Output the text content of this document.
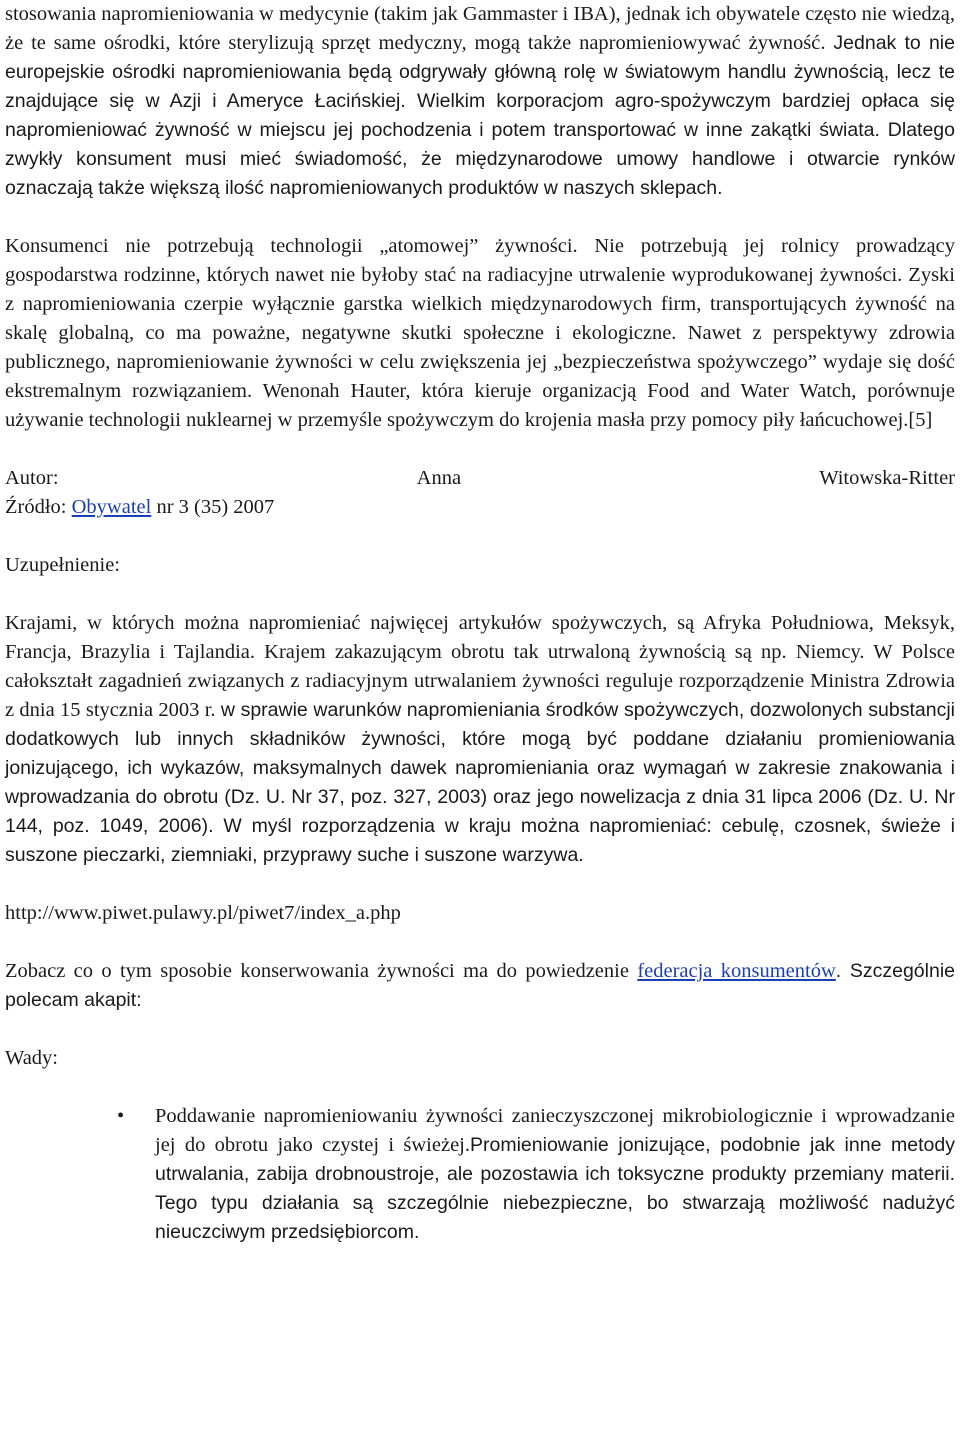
stosowania napromieniowania w medycynie (takim jak Gammaster i IBA), jednak ich obywatele często nie wiedzą, że te same ośrodki, które sterylizują sprzęt medyczny, mogą także napromieniowywać żywność. Jednak to nie europejskie ośrodki napromieniowania będą odgrywały główną rolę w światowym handlu żywnością, lecz te znajdujące się w Azji i Ameryce Łacińskiej. Wielkim korporacjom agro-spożywczym bardziej opłaca się napromieniować żywność w miejscu jej pochodzenia i potem transportować w inne zakątki świata. Dlatego zwykły konsument musi mieć świadomość, że międzynarodowe umowy handlowe i otwarcie rynków oznaczają także większą ilość napromieniowanych produktów w naszych sklepach.

Konsumenci nie potrzebują technologii „atomowej” żywności. Nie potrzebują jej rolnicy prowadzący gospodarstwa rodzinne, których nawet nie byłoby stać na radiacyjne utrwalenie wyprodukowanej żywności. Zyski z napromieniowania czerpie wyłącznie garstka wielkich międzynarodowych firm, transportujących żywność na skalę globalną, co ma poważne, negatywne skutki społeczne i ekologiczne. Nawet z perspektywy zdrowia publicznego, napromieniowanie żywności w celu zwiększenia jej „bezpieczeństwa spożywczego” wydaje się dość ekstremalnym rozwiązaniem. Wenonah Hauter, która kieruje organizacją Food and Water Watch, porównuje używanie technologii nuklearnej w przemyśle spożywczym do krojenia masła przy pomocy piły łańcuchowej.[5]

Autor:	Anna	Witowska-Ritter

Źródło: Obywatel nr 3 (35) 2007

Uzupełnienie:

Krajami, w których można napromieniać najwięcej artykułów spożywczych, są Afryka Południowa, Meksyk, Francja, Brazylia i Tajlandia. Krajem zakazującym obrotu tak utrwaloną żywnością są np. Niemcy. W Polsce całokształt zagadnień związanych z radiacyjnym utrwalaniem żywności reguluje rozporządzenie Ministra Zdrowia z dnia 15 stycznia 2003 r. w sprawie warunków napromieniania środków spożywczych, dozwolonych substancji dodatkowych lub innych składników żywności, które mogą być poddane działaniu promieniowania jonizującego, ich wykazów, maksymalnych dawek napromieniania oraz wymagań w zakresie znakowania i wprowadzania do obrotu (Dz. U. Nr 37, poz. 327, 2003) oraz jego nowelizacja z dnia 31 lipca 2006 (Dz. U. Nr 144, poz. 1049, 2006). W myśl rozporządzenia w kraju można napromieniać: cebulę, czosnek, świeże i suszone pieczarki, ziemniaki, przyprawy suche i suszone warzywa.

http://www.piwet.pulawy.pl/piwet7/index_a.php

Zobacz co o tym sposobie konserwowania żywności ma do powiedzenie federacja konsumentów. Szczególnie polecam akapit:

Wady:

• Poddawanie napromieniowaniu żywności zanieczyszczonej mikrobiologicznie i wprowadzanie jej do obrotu jako czystej i świeżej.Promieniowanie jonizujące, podobnie jak inne metody utrwalania, zabija drobnoustroje, ale pozostawia ich toksyczne produkty przemiany materii. Tego typu działania są szczególnie niebezpieczne, bo stwarzają możliwość nadużyć nieuczciwym przedsiębiorcom.
